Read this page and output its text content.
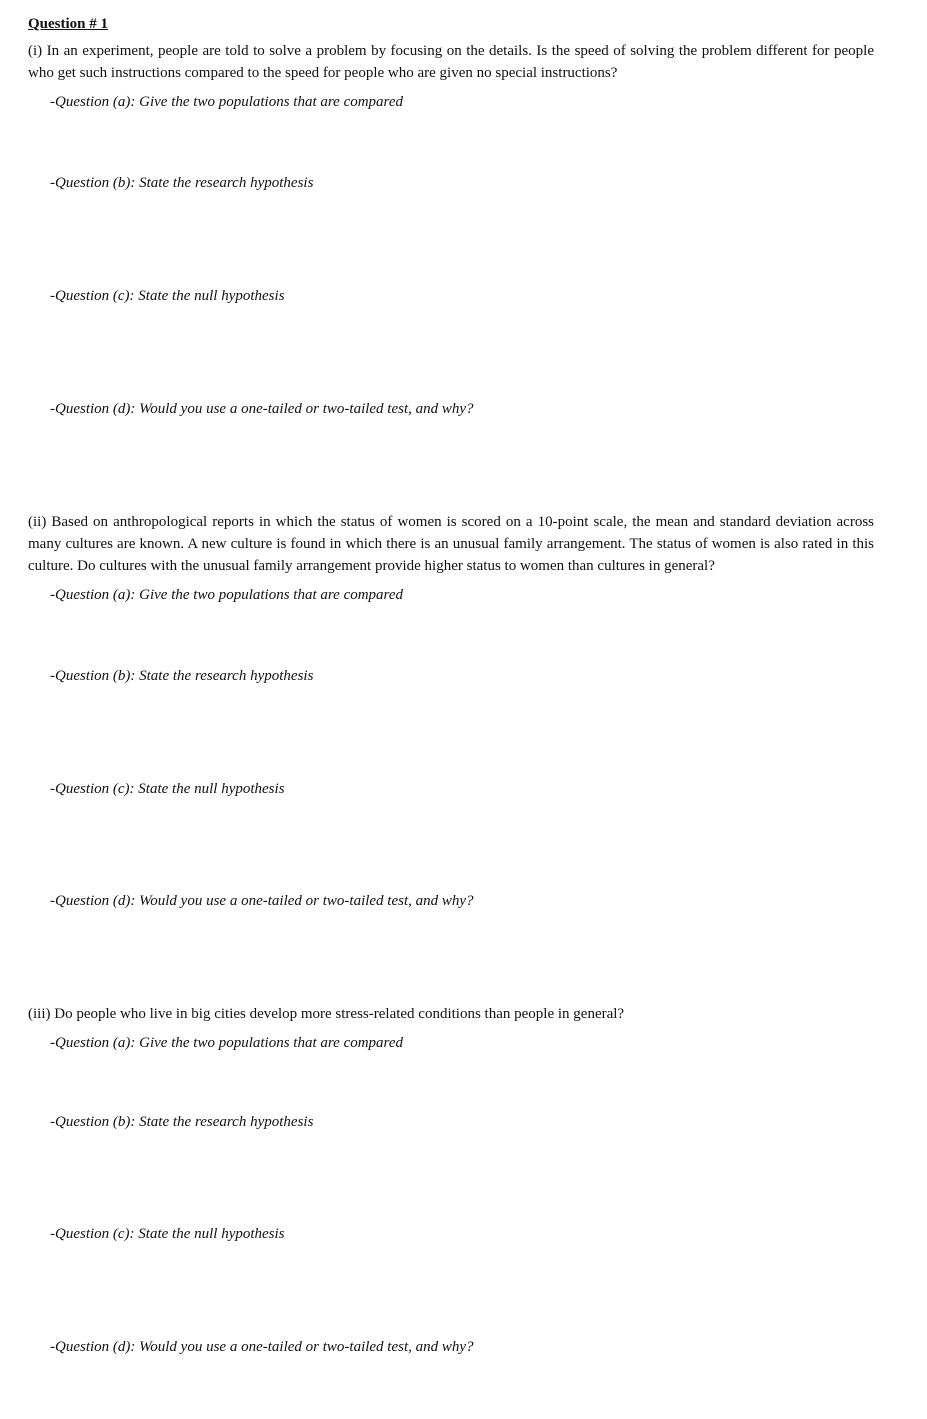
Question # 1

(i) In an experiment, people are told to solve a problem by focusing on the details. Is the speed of solving the problem different for people who get such instructions compared to the speed for people who are given no special instructions?

-Question (a): Give the two populations that are compared

-Question (b): State the research hypothesis

-Question (c): State the null hypothesis

-Question (d): Would you use a one-tailed or two-tailed test, and why?

(ii) Based on anthropological reports in which the status of women is scored on a 10-point scale, the mean and standard deviation across many cultures are known. A new culture is found in which there is an unusual family arrangement. The status of women is also rated in this culture. Do cultures with the unusual family arrangement provide higher status to women than cultures in general?

-Question (a): Give the two populations that are compared

-Question (b): State the research hypothesis

-Question (c): State the null hypothesis

-Question (d): Would you use a one-tailed or two-tailed test, and why?

(iii) Do people who live in big cities develop more stress-related conditions than people in general?

-Question (a): Give the two populations that are compared

-Question (b): State the research hypothesis

-Question (c): State the null hypothesis

-Question (d): Would you use a one-tailed or two-tailed test, and why?
